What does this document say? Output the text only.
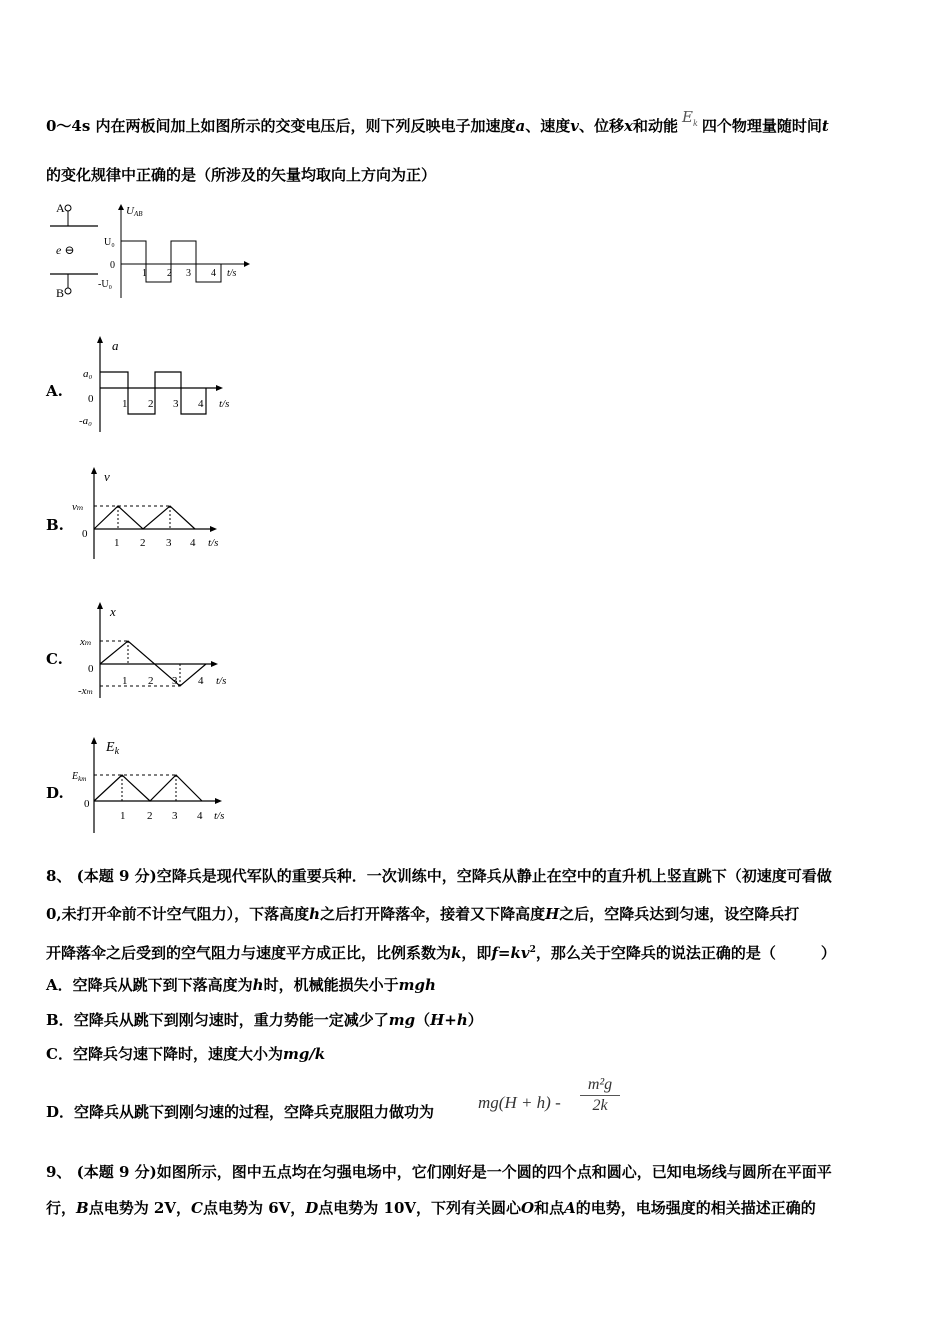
0～4s 内在两板间加上如图所示的交变电压后，则下列反映电子加速度a、速度v、位移x和动能 $E_k$ 四个物理量随时间t
的变化规律中正确的是（所涉及的矢量均取向上方向为正）
A
e ⊖
B
UAB
U₀
0
-U₀
1 2 3 4 t/s
A.
a
a₀
0
-a₀
1 2 3 4 t/s
B.
v
vₘ
0
1 2 3 4 t/s
C.
x
xₘ
0
-xₘ
1 2 3 4 t/s
D.
$E_k$
$E_{km}$
0
1 2 3 4 t/s
8、 (本题 9 分)空降兵是现代军队的重要兵种．一次训练中，空降兵从静止在空中的直升机上竖直跳下（初速度可看做
0,未打开伞前不计空气阻力），下落高度h之后打开降落伞，接着又下降高度H之后，空降兵达到匀速，设空降兵打
开降落伞之后受到的空气阻力与速度平方成正比，比例系数为k，即$f=kv^2$，那么关于空降兵的说法正确的是（　　　）
A．空降兵从跳下到下落高度为h时，机械能损失小于mgh
B．空降兵从跳下到刚匀速时，重力势能一定减少了mg（H+h）
C．空降兵匀速下降时，速度大小为mg/k
D．空降兵从跳下到刚匀速的过程，空降兵克服阻力做功为	$mg(H + h) - \frac{\text{m²g}}{2k}$
9、 (本题 9 分)如图所示，图中五点均在匀强电场中，它们刚好是一个圆的四个点和圆心，已知电场线与圆所在平面平
行，B点电势为 2V，C点电势为 6V，D点电势为 10V，下列有关圆心O和点A的电势，电场强度的相关描述正确的
